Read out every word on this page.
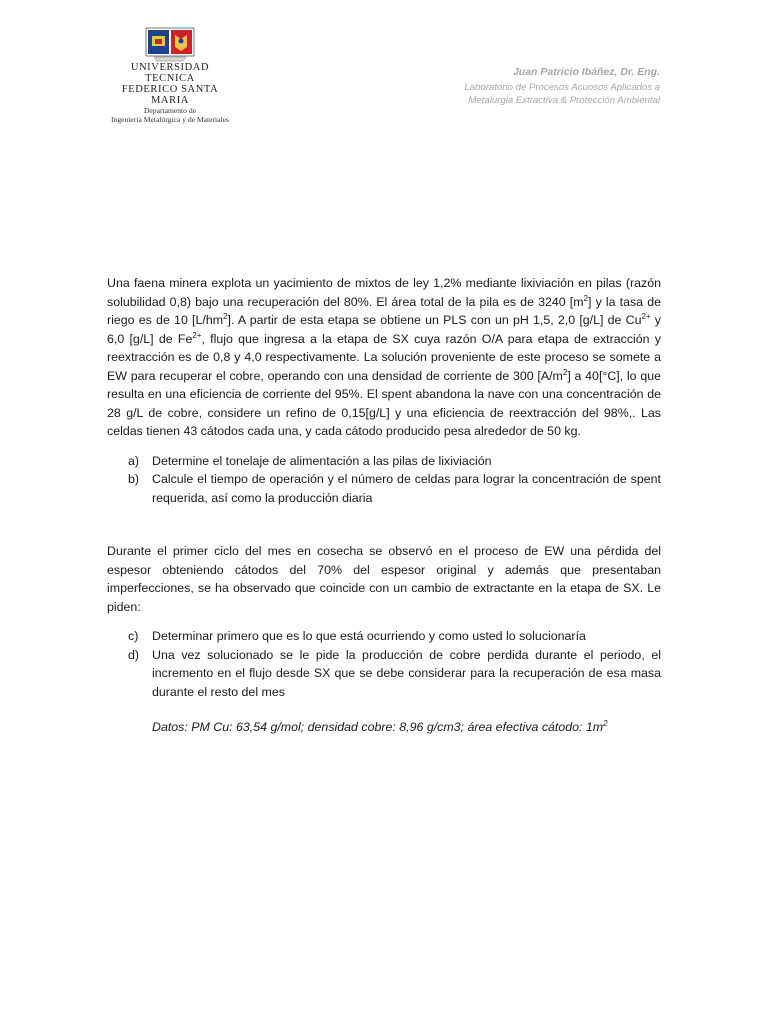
UNIVERSIDAD TECNICA
FEDERICO SANTA MARIA
Departamento de
Ingeniería Metalúrgica y de Materiales
Juan Patricio Ibáñez, Dr. Eng.
Laboratorio de Procesos Acuosos Aplicados a
Metalurgia Extractiva & Protección Ambiental

Una faena minera explota un yacimiento de mixtos de ley 1,2% mediante lixiviación en pilas (razón solubilidad 0,8) bajo una recuperación del 80%. El área total de la pila es de 3240 $[m^2]$ y la tasa de riego es de 10 $[L/hm^2]$. A partir de esta etapa se obtiene un PLS con un pH 1,5, 2,0 [g/L] de $Cu^{2+}$ y 6,0 [g/L] de $Fe^{2+}$, flujo que ingresa a la etapa de SX cuya razón O/A para etapa de extracción y reextracción es de 0,8 y 4,0 respectivamente. La solución proveniente de este proceso se somete a EW para recuperar el cobre, operando con una densidad de corriente de 300 $[A/m^2]$ a 40[°C], lo que resulta en una eficiencia de corriente del 95%. El spent abandona la nave con una concentración de 28 g/L de cobre, considere un refino de 0,15[g/L] y una eficiencia de reextracción del 98%,. Las celdas tienen 43 cátodos cada una, y cada cátodo producido pesa alrededor de 50 kg.

a) Determine el tonelaje de alimentación a las pilas de lixiviación
b) Calcule el tiempo de operación y el número de celdas para lograr la concentración de spent requerida, así como la producción diaria

Durante el primer ciclo del mes en cosecha se observó en el proceso de EW una pérdida del espesor obteniendo cátodos del 70% del espesor original y además que presentaban imperfecciones, se ha observado que coincide con un cambio de extractante en la etapa de SX. Le piden:

c) Determinar primero que es lo que está ocurriendo y como usted lo solucionaría
d) Una vez solucionado se le pide la producción de cobre perdida durante el periodo, el incremento en el flujo desde SX que se debe considerar para la recuperación de esa masa durante el resto del mes
Datos: PM Cu: 63,54 g/mol; densidad cobre: 8,96 g/cm3; área efectiva cátodo: $1m^2$
